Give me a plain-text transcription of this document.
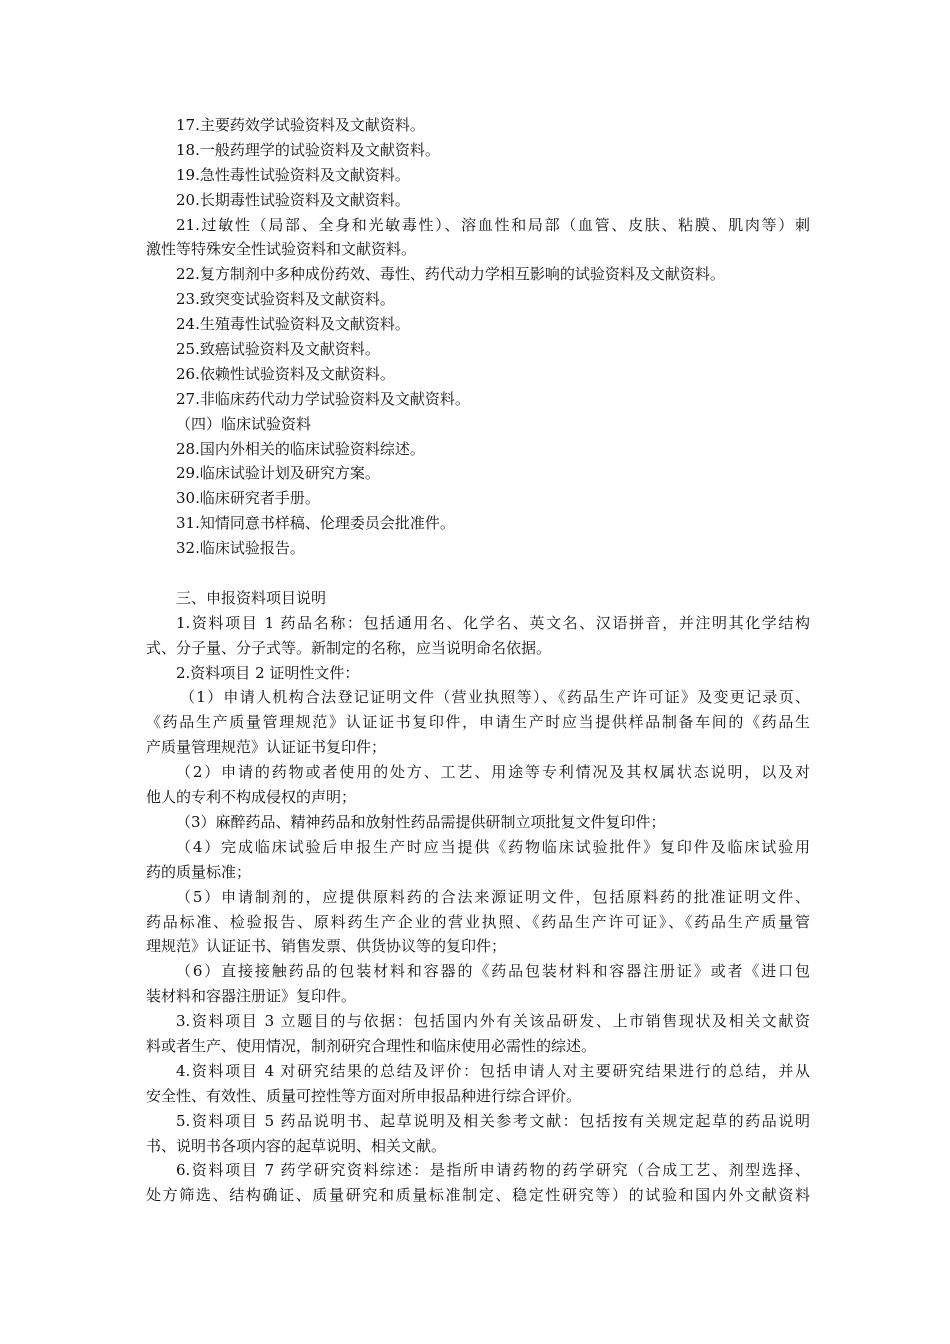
17.主要药效学试验资料及文献资料。
18.一般药理学的试验资料及文献资料。
19.急性毒性试验资料及文献资料。
20.长期毒性试验资料及文献资料。
21.过敏性（局部、全身和光敏毒性）、溶血性和局部（血管、皮肤、粘膜、肌肉等）刺
激性等特殊安全性试验资料和文献资料。
22.复方制剂中多种成份药效、毒性、药代动力学相互影响的试验资料及文献资料。
23.致突变试验资料及文献资料。
24.生殖毒性试验资料及文献资料。
25.致癌试验资料及文献资料。
26.依赖性试验资料及文献资料。
27.非临床药代动力学试验资料及文献资料。
（四）临床试验资料
28.国内外相关的临床试验资料综述。
29.临床试验计划及研究方案。
30.临床研究者手册。
31.知情同意书样稿、伦理委员会批准件。
32.临床试验报告。
三、申报资料项目说明
1.资料项目 1 药品名称：包括通用名、化学名、英文名、汉语拼音，并注明其化学结构
式、分子量、分子式等。新制定的名称，应当说明命名依据。
2.资料项目 2 证明性文件：
（1）申请人机构合法登记证明文件（营业执照等）、《药品生产许可证》及变更记录页、
《药品生产质量管理规范》认证证书复印件，申请生产时应当提供样品制备车间的《药品生
产质量管理规范》认证证书复印件；
（2）申请的药物或者使用的处方、工艺、用途等专利情况及其权属状态说明，以及对
他人的专利不构成侵权的声明；
（3）麻醉药品、精神药品和放射性药品需提供研制立项批复文件复印件；
（4）完成临床试验后申报生产时应当提供《药物临床试验批件》复印件及临床试验用
药的质量标准；
（5）申请制剂的，应提供原料药的合法来源证明文件，包括原料药的批准证明文件、
药品标准、检验报告、原料药生产企业的营业执照、《药品生产许可证》、《药品生产质量管
理规范》认证证书、销售发票、供货协议等的复印件；
（6）直接接触药品的包装材料和容器的《药品包装材料和容器注册证》或者《进口包
装材料和容器注册证》复印件。
3.资料项目 3 立题目的与依据：包括国内外有关该品研发、上市销售现状及相关文献资
料或者生产、使用情况，制剂研究合理性和临床使用必需性的综述。
4.资料项目 4 对研究结果的总结及评价：包括申请人对主要研究结果进行的总结，并从
安全性、有效性、质量可控性等方面对所申报品种进行综合评价。
5.资料项目 5 药品说明书、起草说明及相关参考文献：包括按有关规定起草的药品说明
书、说明书各项内容的起草说明、相关文献。
6.资料项目 7 药学研究资料综述：是指所申请药物的药学研究（合成工艺、剂型选择、
处方筛选、结构确证、质量研究和质量标准制定、稳定性研究等）的试验和国内外文献资料
